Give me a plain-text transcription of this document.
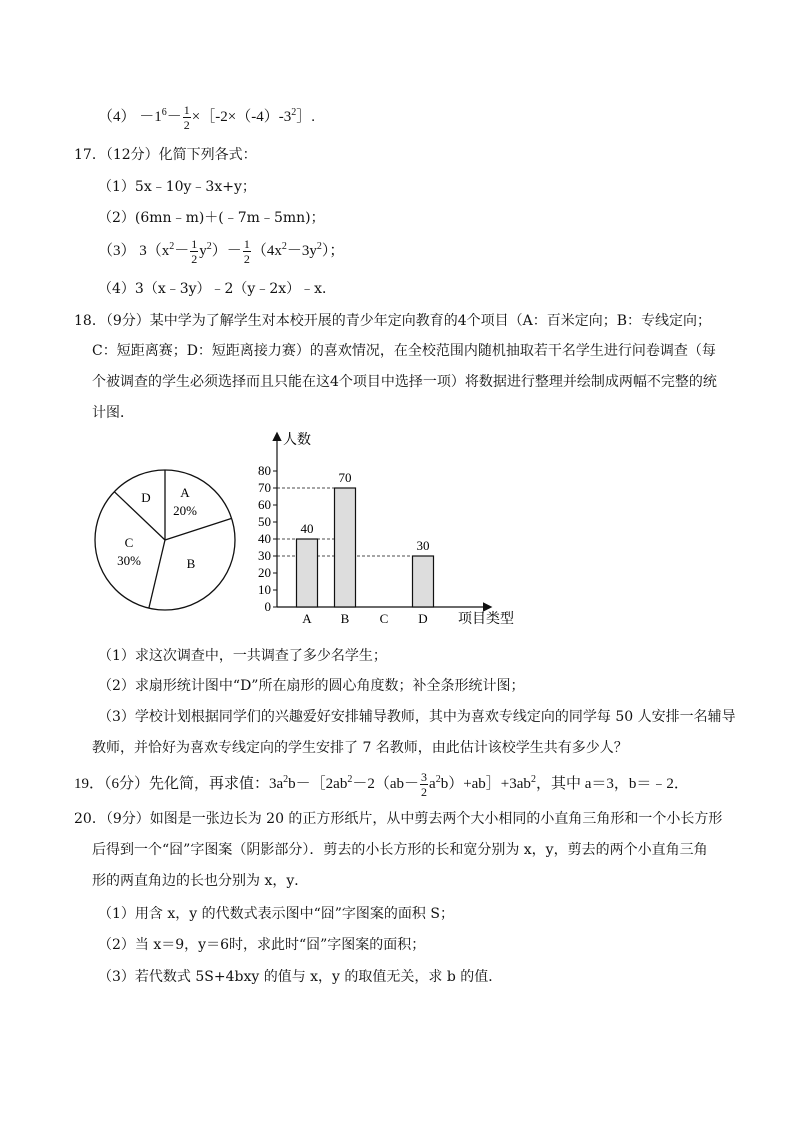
$(4) -1^6- \frac{1}{2}$ $\times[-2\times(-4)-3^2]$.
17．（12分）化简下列各式：
（1）5x﹣10y﹣3x+y；
（2）(6mn﹣m)＋(﹣7m﹣5mn)；
（3） $3(x^2- \frac{1}{2} y^2)- \frac{1}{2} (4x^2-3y^2)$；
（4）3（x﹣3y）﹣2（y﹣2x）﹣x．
18．（9分）某中学为了解学生对本校开展的青少年定向教育的4个项目（A：百米定向；B：专线定向；
C：短距离赛；D：短距离接力赛）的喜欢情况，在全校范围内随机抽取若干名学生进行问卷调查（每
个被调查的学生必须选择而且只能在这4个项目中选择一项）将数据进行整理并绘制成两幅不完整的统
计图．
A
20%
D
C
30%	B
人数
项目类型
40
70
30
0
10
20
30
40
50
60
70
80
A B C D
（1）求这次调查中，一共调查了多少名学生；
（2）求扇形统计图中“D”所在扇形的圆心角度数；补全条形统计图；
（3）学校计划根据同学们的兴趣爱好安排辅导教师，其中为喜欢专线定向的同学每 50 人安排一名辅导
教师，并恰好为喜欢专线定向的学生安排了 7 名教师，由此估计该校学生共有多少人？
19．（6分）先化简，再求值：$3a^2b-[2ab^2-2(ab- \frac{3}{2}$ $a^2b)+ab]+3ab^2$，其中 a＝3，b＝﹣2．
20．（9分）如图是一张边长为 20 的正方形纸片，从中剪去两个大小相同的小直角三角形和一个小长方形
后得到一个“囧”字图案（阴影部分）．剪去的小长方形的长和宽分别为 x，y，剪去的两个小直角三角
形的两直角边的长也分别为 x，y．
（1）用含 x，y 的代数式表示图中“囧”字图案的面积 S；
（2）当 x＝9，y＝6时，求此时“囧”字图案的面积；
（3）若代数式 5S+4bxy 的值与 x，y 的取值无关，求 b 的值．
